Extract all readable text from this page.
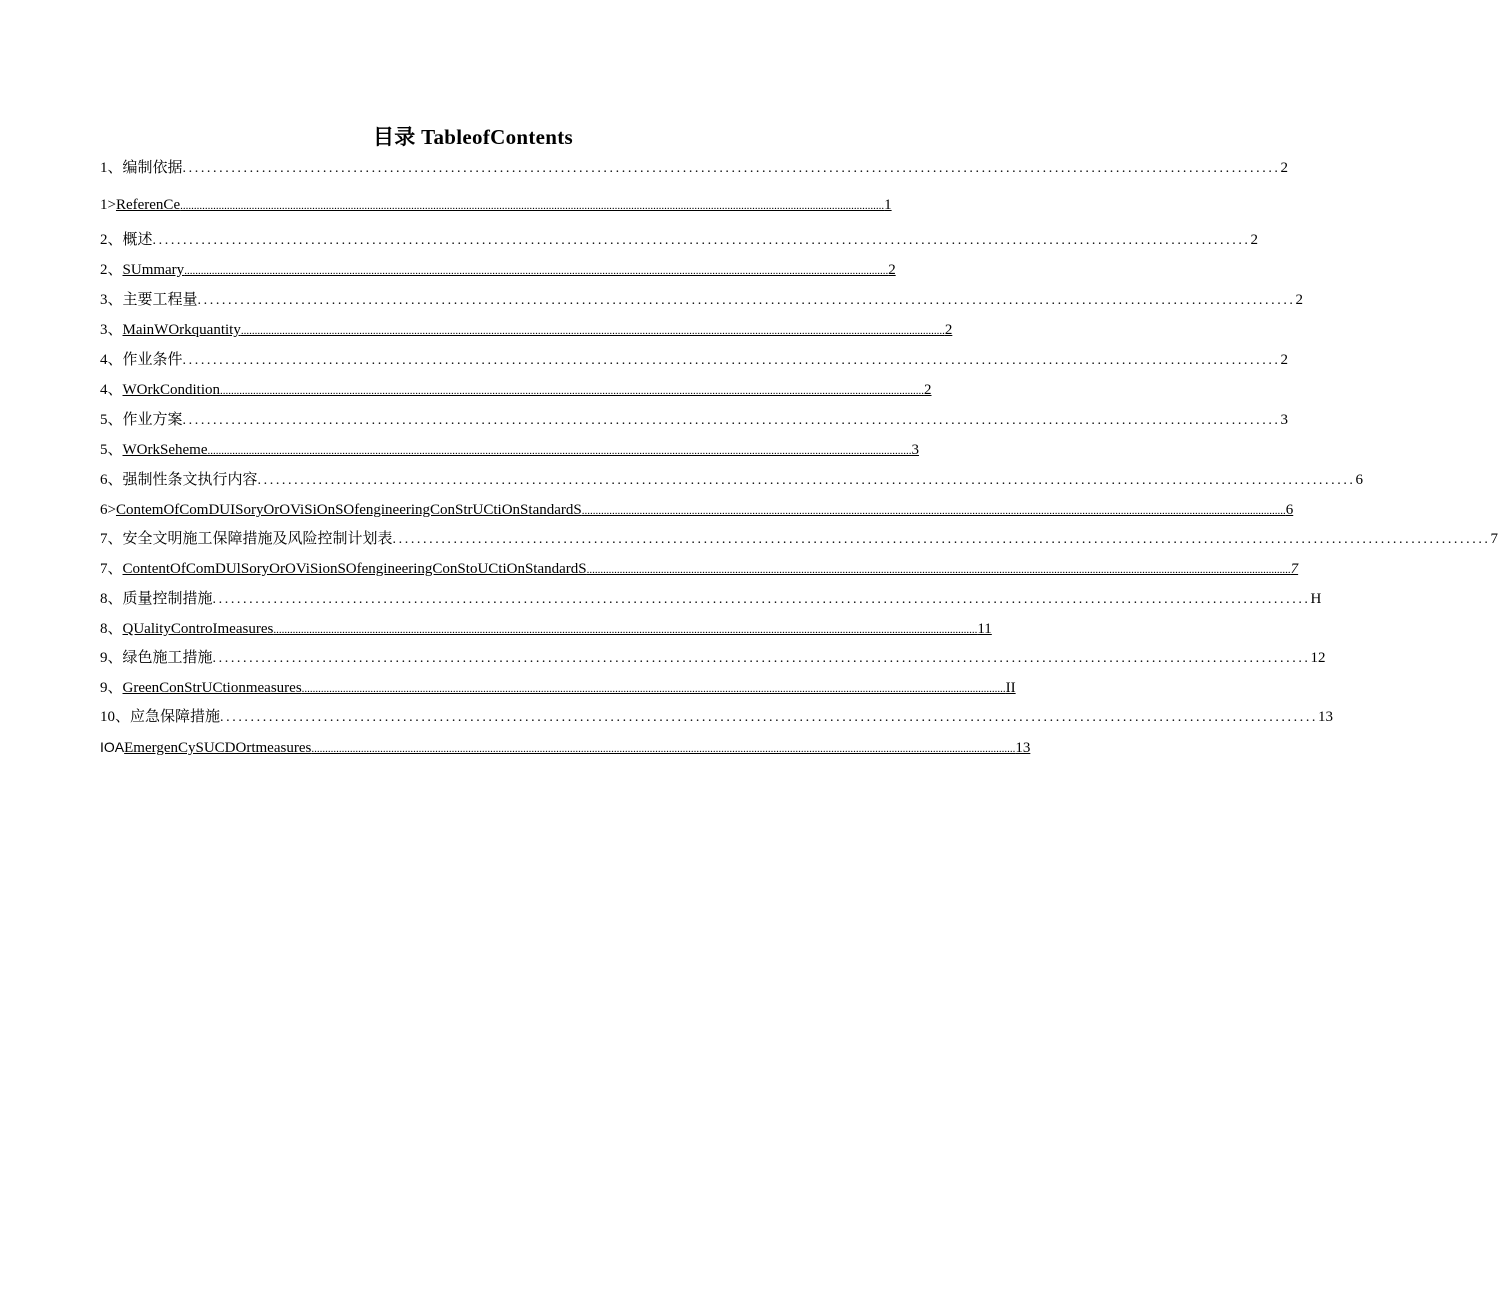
目录 TableofContents
1、 编制依据 .................................................................................................................................................................................... 2
1> ReferenCe ................................................................................................................................................................................................................................................................ 1
2、 概述 .................................................................................................................................................................................... 2
2、 SUmmary ................................................................................................................................................................................................................................................................ 2
3、 主要工程量 .................................................................................................................................................................................... 2
3、 MainWOrkquantity ................................................................................................................................................................................................................................................................ 2
4、 作业条件 .................................................................................................................................................................................... 2
4、 WOrkCondition ................................................................................................................................................................................................................................................................ 2
5、 作业方案 .................................................................................................................................................................................... 3
5、 WOrkSeheme ................................................................................................................................................................................................................................................................ 3
6、 强制性条文执行内容 .................................................................................................................................................................................... 6
6> ContemOfComDUISoryOrOViSiOnSOfengineeringConStrUCtiOnStandardS ................................................................................................................................................................................................................................................................ 6
7、 安全文明施工保障措施及风险控制计划表 .................................................................................................................................................................................... 7
7、 ContentOfComDUlSoryOrOViSionSOfengineeringConStoUCtiOnStandardS ................................................................................................................................................................................................................................................................ 7
8、 质量控制措施 .................................................................................................................................................................................... H
8、 QUalityControImeasures ................................................................................................................................................................................................................................................................ 11
9、 绿色施工措施 .................................................................................................................................................................................... 12
9、 GreenConStrUCtionmeasures ................................................................................................................................................................................................................................................................ II
10、 应急保障措施 .................................................................................................................................................................................... 13
IOA EmergenCySUCDOrtmeasures ................................................................................................................................................................................................................................................................ 13
